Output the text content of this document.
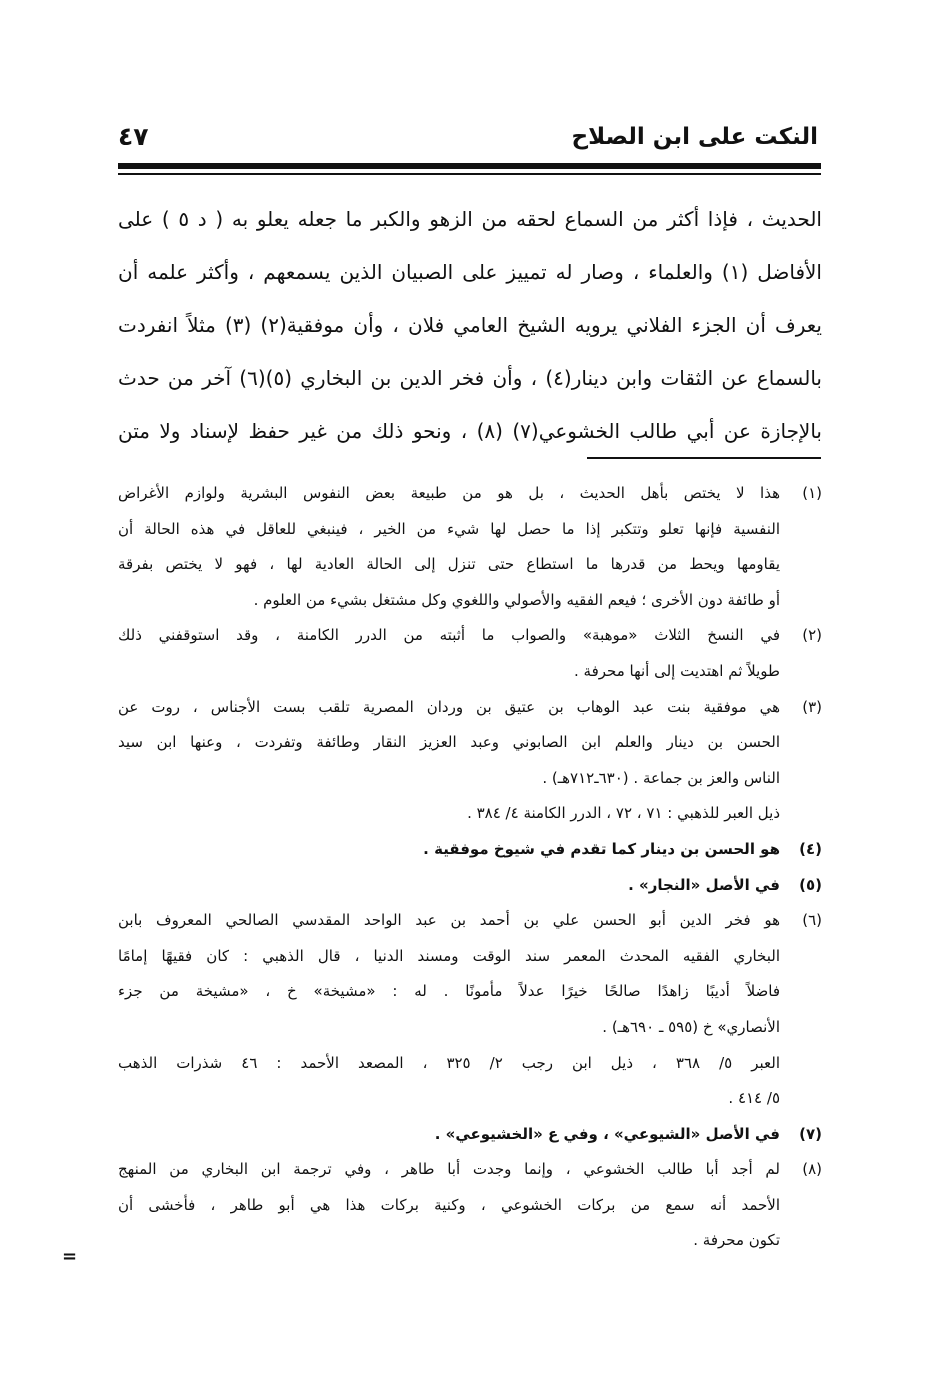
النكت على ابن الصلاح
٤٧
الحديث ، فإذا أكثر من السماع لحقه من الزهو والكبر ما جعله يعلو به ( د ٥ ) على
الأفاضل (١) والعلماء ، وصار له تمييز على الصبيان الذين يسمعهم ، وأكثر علمه أن
يعرف أن الجزء الفلاني يرويه الشيخ العامي فلان ، وأن موفقية(٢) (٣) مثلاً انفردت
بالسماع عن الثقات وابن دينار(٤) ، وأن فخر الدين بن البخاري (٥)(٦) آخر من حدث
بالإجازة عن أبي طالب الخشوعي(٧) (٨) ، ونحو ذلك من غير حفظ لإسناد ولا متن
(١)
هذا لا يختص بأهل الحديث ، بل هو من طبيعة بعض النفوس البشرية ولوازم الأغراض
النفسية فإنها تعلو وتتكبر إذا ما حصل لها شيء من الخير ، فينبغي للعاقل في هذه الحالة أن
يقاومها ويحط من قدرها ما استطاع حتى تنزل إلى الحالة العادية لها ، فهو لا يختص بفرقة
أو طائفة دون الأخرى ؛ فيعم الفقيه والأصولي واللغوي وكل مشتغل بشيء من العلوم .
(٢)
في النسخ الثلاث «موهبة» والصواب ما أثبته من الدرر الكامنة ، وقد استوقفني ذلك
طويلاً ثم اهتديت إلى أنها محرفة .
(٣)
هي موفقية بنت عبد الوهاب بن عتيق بن وردان المصرية تلقب بست الأجناس ، روت عن
الحسن بن دينار والعلم ابن الصابوني وعبد العزيز النقار وطائفة وتفردت ، وعنها ابن سيد
الناس والعز بن جماعة . (٦٣٠ـ٧١٢هـ) .
ذيل العبر للذهبي : ٧١ ، ٧٢ ، الدرر الكامنة ٤/ ٣٨٤ .
(٤)
هو الحسن بن دينار كما تقدم في شيوخ موفقية .
(٥)
في الأصل «النجار» .
(٦)
هو فخر الدين أبو الحسن علي بن أحمد بن عبد الواحد المقدسي الصالحي المعروف بابن
البخاري الفقيه المحدث المعمر سند الوقت ومسند الدنيا ، قال الذهبي : كان فقيهًا إمامًا
فاضلاً أديبًا زاهدًا صالحًا خيرًا عدلاً مأمونًا . له : «مشيخة» خ ، «مشيخة من جزء
الأنصاري» خ (٥٩٥ ـ ٦٩٠هـ) .
العبر ٥/ ٣٦٨ ، ذيل ابن رجب ٢/ ٣٢٥ ، المصعد الأحمد : ٤٦ شذرات الذهب
٥/ ٤١٤ .
(٧)
في الأصل «الشيوعي» ، وفي ع «الخشيوعي» .
(٨)
لم أجد أبا طالب الخشوعي ، وإنما وجدت أبا طاهر ، وفي ترجمة ابن البخاري من المنهج
الأحمد أنه سمع من بركات الخشوعي ، وكنية بركات هذا هي أبو طاهر ، فأخشى أن
تكون محرفة .
=
